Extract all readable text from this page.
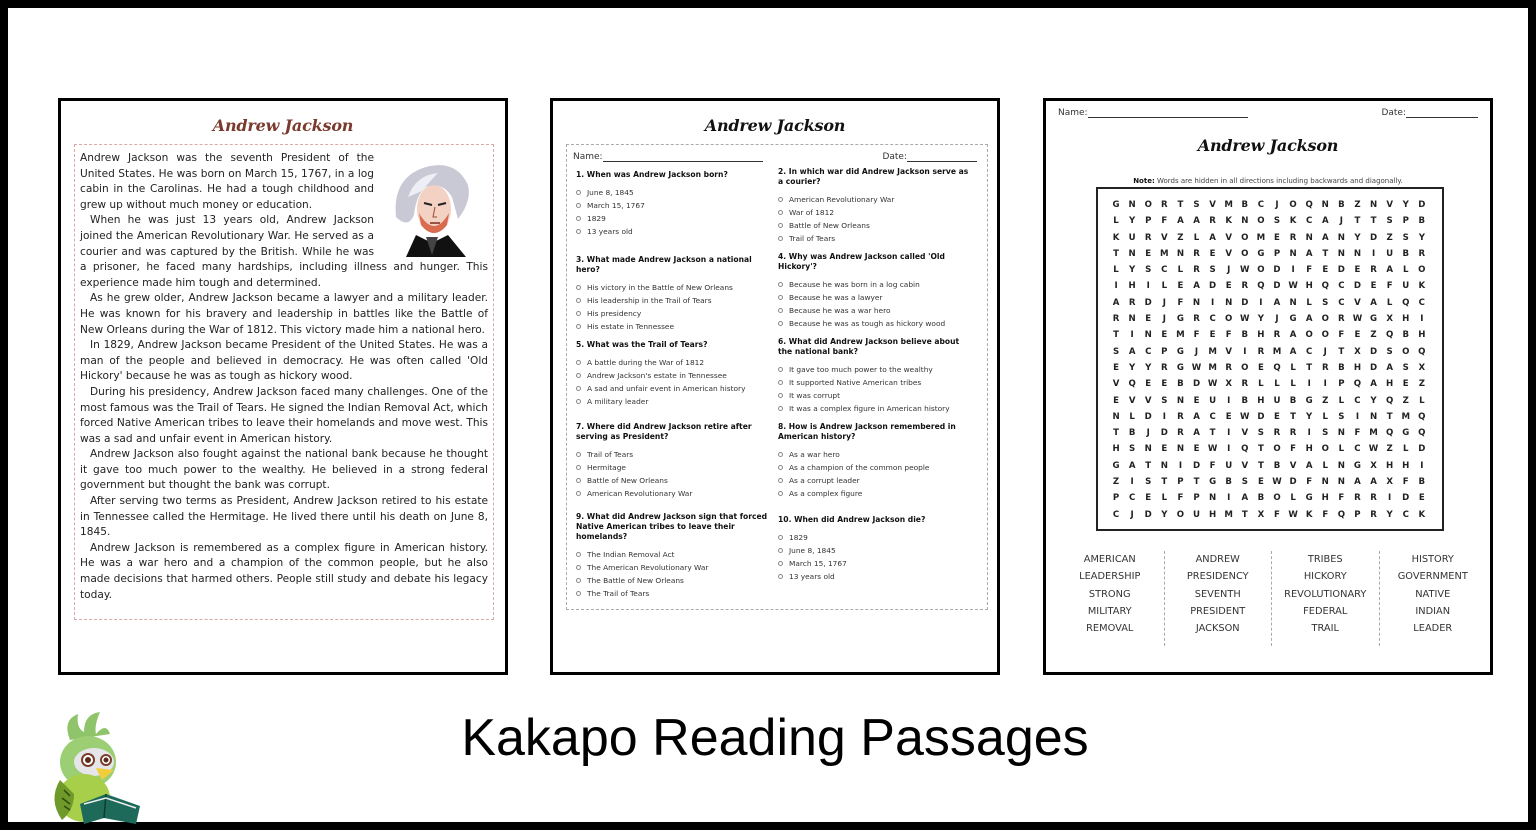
Andrew Jackson

Andrew Jackson was the seventh President of the United States. He was born on March 15, 1767, in a log cabin in the Carolinas. He had a tough childhood and grew up without much money or education.

When he was just 13 years old, Andrew Jackson joined the American Revolutionary War. He served as a courier and was captured by the British. While he was a prisoner, he faced many hardships, including illness and hunger. This experience made him tough and determined.

As he grew older, Andrew Jackson became a lawyer and a military leader. He was known for his bravery and leadership in battles like the Battle of New Orleans during the War of 1812. This victory made him a national hero.

In 1829, Andrew Jackson became President of the United States. He was a man of the people and believed in democracy. He was often called 'Old Hickory' because he was as tough as hickory wood.

During his presidency, Andrew Jackson faced many challenges. One of the most famous was the Trail of Tears. He signed the Indian Removal Act, which forced Native American tribes to leave their homelands and move west. This was a sad and unfair event in American history.

Andrew Jackson also fought against the national bank because he thought it gave too much power to the wealthy. He believed in a strong federal government but thought the bank was corrupt.

After serving two terms as President, Andrew Jackson retired to his estate in Tennessee called the Hermitage. He lived there until his death on June 8, 1845.

Andrew Jackson is remembered as a complex figure in American history. He was a war hero and a champion of the common people, but he also made decisions that harmed others. People still study and debate his legacy today.

Andrew Jackson
Name:	Date:
1. When was Andrew Jackson born?
June 8, 1845
March 15, 1767
1829
13 years old
2. In which war did Andrew Jackson serve as a courier?
American Revolutionary War
War of 1812
Battle of New Orleans
Trail of Tears
3. What made Andrew Jackson a national hero?
His victory in the Battle of New Orleans
His leadership in the Trail of Tears
His presidency
His estate in Tennessee
4. Why was Andrew Jackson called 'Old Hickory'?
Because he was born in a log cabin
Because he was a lawyer
Because he was a war hero
Because he was as tough as hickory wood
5. What was the Trail of Tears?
A battle during the War of 1812
Andrew Jackson's estate in Tennessee
A sad and unfair event in American history
A military leader
6. What did Andrew Jackson believe about the national bank?
It gave too much power to the wealthy
It supported Native American tribes
It was corrupt
It was a complex figure in American history
7. Where did Andrew Jackson retire after serving as President?
Trail of Tears
Hermitage
Battle of New Orleans
American Revolutionary War
8. How is Andrew Jackson remembered in American history?
As a war hero
As a champion of the common people
As a corrupt leader
As a complex figure
9. What did Andrew Jackson sign that forced Native American tribes to leave their homelands?
The Indian Removal Act
The American Revolutionary War
The Battle of New Orleans
The Trail of Tears
10. When did Andrew Jackson die?
1829
June 8, 1845
March 15, 1767
13 years old
Name:	Date:
Andrew Jackson
Note: Words are hidden in all directions including backwards and diagonally.
G	N	O	R	T	S	V M B	C	J	O	Q	N	B	Z	N	V	Y	D
L	Y	P	F	A	A	R	K	N	O	S	K	C	A	J	T	T	S	P	B
K	U	R	V	Z	L	A	V	O M	E	R	N	A	N	Y	D	Z	S	Y
T	N	E	M N	R	E	V	O	G	P	N	A	T	N	N	I	U	B	R
L	Y	S	C	L	R	S	J	W O	D	I	F	E	D	E	R	A	L	O
I	H	I	L	E	A	D	E	R	Q	D W H	Q	C	D	E	F	U	K
A	R	D	J	F	N	I	N	D	I	A	N	L	S	C	V	A	L	Q	C
R	N	E	J	G	R	C	O W Y	J	G	A	O	R W G	X	H	I
T	I	N	E	M	F	E	F	B	H	R	A	O	O	F	E	Z	Q	B	H
S	A	C	P	G	J	M V	I	R M A	C	J	T	X	D	S	O	Q
E	Y	Y	R	G W M R	O	E	Q	L	T	R	B	H	D	A	S	X
V	Q	E	E	B	D W X	R	L	L	L	I	I	P	Q	A	H	E	Z
E	V	V	S	N	E	U	I	B	H	U	B	G	Z	L	C	Y	Q	Z	L
N	L	D	I	R	A	C	E W D	E	T	Y	L	S	I	N	T	M Q
T	B	J	D	R	A	T	I	V	S	R	R	I	S	N	F	M Q	G	Q
H	S	N	E	N	E W	I	Q	T	O	F	H	O	L	C W Z	L	D
G	A	T	N	I	D	F	U	V	T	B	V	A	L	N	G	X	H	H	I
Z	I	S	T	P	T	G	B	S	E W D	F	N	N	A	A	X	F	B
P	C	E	L	F	P	N	I	A	B	O	L	G	H	F	R	R	I	D	E
C	J	D	Y	O	U	H M	T	X	F W K	F	Q	P	R	Y	C	K
AMERICAN
LEADERSHIP
STRONG
MILITARY
REMOVAL
ANDREW
PRESIDENCY
SEVENTH
PRESIDENT
JACKSON
TRIBES
HICKORY
REVOLUTIONARY
FEDERAL
TRAIL
HISTORY
GOVERNMENT
NATIVE
INDIAN
LEADER
Kakapo Reading Passages
